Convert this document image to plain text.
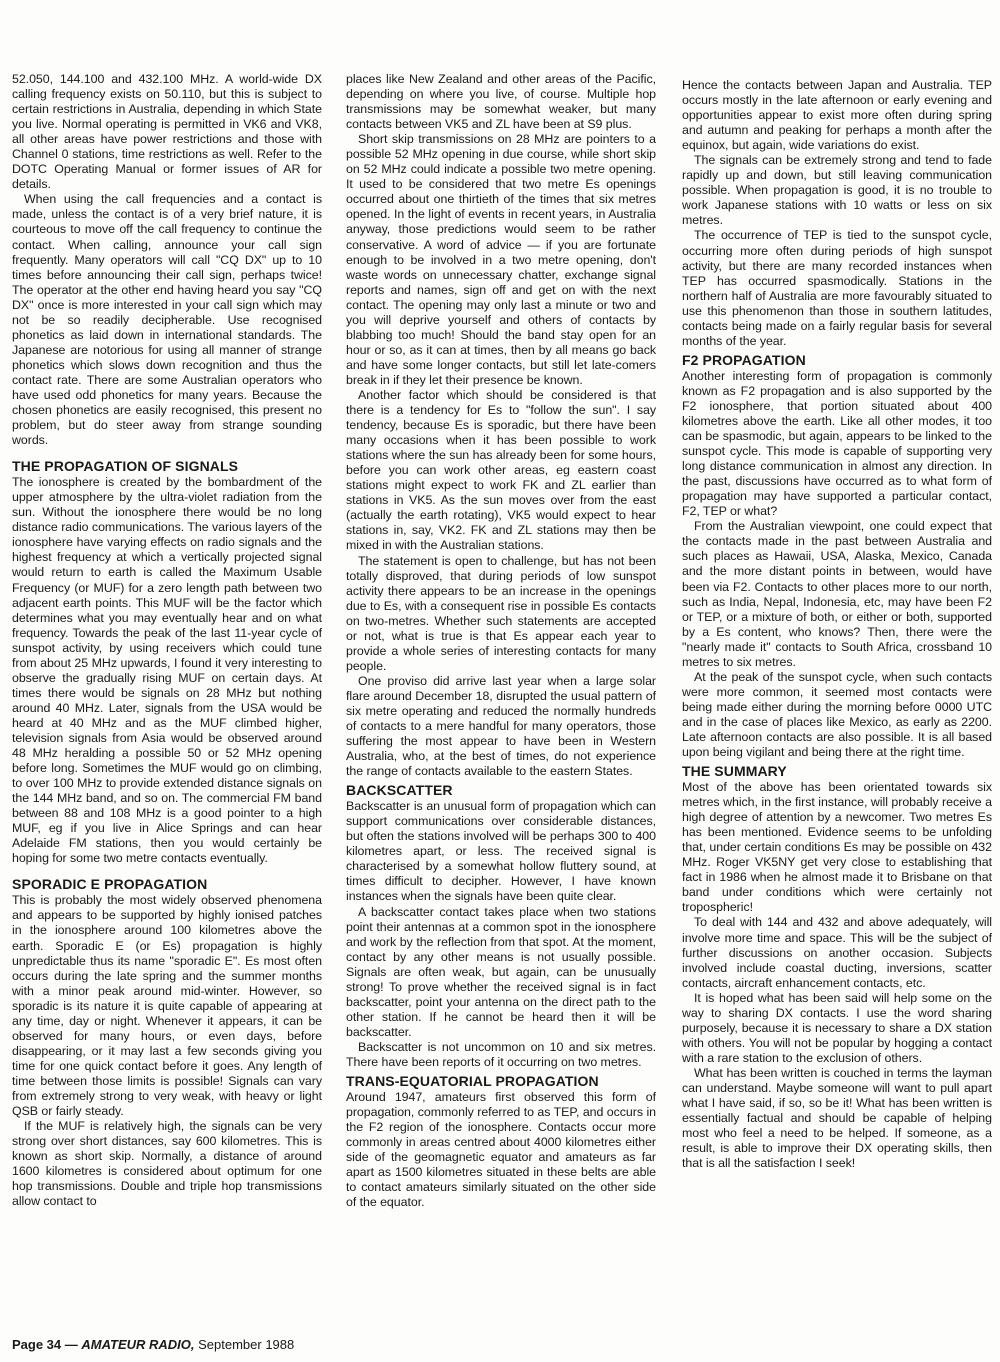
52.050, 144.100 and 432.100 MHz. A world-wide DX calling frequency exists on 50.110, but this is subject to certain restrictions in Australia, depending in which State you live. Normal operating is permitted in VK6 and VK8, all other areas have power restrictions and those with Channel 0 stations, time restrictions as well. Refer to the DOTC Operating Manual or former issues of AR for details.

When using the call frequencies and a contact is made, unless the contact is of a very brief nature, it is courteous to move off the call frequency to continue the contact. When calling, announce your call sign frequently. Many operators will call "CQ DX" up to 10 times before announcing their call sign, perhaps twice! The operator at the other end having heard you say "CQ DX" once is more interested in your call sign which may not be so readily decipherable. Use recognised phonetics as laid down in international standards. The Japanese are notorious for using all manner of strange phonetics which slows down recognition and thus the contact rate. There are some Australian operators who have used odd phonetics for many years. Because the chosen phonetics are easily recognised, this present no problem, but do steer away from strange sounding words.

THE PROPAGATION OF SIGNALS

The ionosphere is created by the bombardment of the upper atmosphere by the ultra-violet radiation from the sun. Without the ionosphere there would be no long distance radio communications. The various layers of the ionosphere have varying effects on radio signals and the highest frequency at which a vertically projected signal would return to earth is called the Maximum Usable Frequency (or MUF) for a zero length path between two adjacent earth points. This MUF will be the factor which determines what you may eventually hear and on what frequency. Towards the peak of the last 11-year cycle of sunspot activity, by using receivers which could tune from about 25 MHz upwards, I found it very interesting to observe the gradually rising MUF on certain days. At times there would be signals on 28 MHz but nothing around 40 MHz. Later, signals from the USA would be heard at 40 MHz and as the MUF climbed higher, television signals from Asia would be observed around 48 MHz heralding a possible 50 or 52 MHz opening before long. Sometimes the MUF would go on climbing, to over 100 MHz to provide extended distance signals on the 144 MHz band, and so on. The commercial FM band between 88 and 108 MHz is a good pointer to a high MUF, eg if you live in Alice Springs and can hear Adelaide FM stations, then you would certainly be hoping for some two metre contacts eventually.

SPORADIC E PROPAGATION

This is probably the most widely observed phenomena and appears to be supported by highly ionised patches in the ionosphere around 100 kilometres above the earth. Sporadic E (or Es) propagation is highly unpredictable thus its name "sporadic E". Es most often occurs during the late spring and the summer months with a minor peak around mid-winter. However, so sporadic is its nature it is quite capable of appearing at any time, day or night. Whenever it appears, it can be observed for many hours, or even days, before disappearing, or it may last a few seconds giving you time for one quick contact before it goes. Any length of time between those limits is possible! Signals can vary from extremely strong to very weak, with heavy or light QSB or fairly steady.

If the MUF is relatively high, the signals can be very strong over short distances, say 600 kilometres. This is known as short skip. Normally, a distance of around 1600 kilometres is considered about optimum for one hop transmissions. Double and triple hop transmissions allow contact to

places like New Zealand and other areas of the Pacific, depending on where you live, of course. Multiple hop transmissions may be somewhat weaker, but many contacts between VK5 and ZL have been at S9 plus.

Short skip transmissions on 28 MHz are pointers to a possible 52 MHz opening in due course, while short skip on 52 MHz could indicate a possible two metre opening. It used to be considered that two metre Es openings occurred about one thirtieth of the times that six metres opened. In the light of events in recent years, in Australia anyway, those predictions would seem to be rather conservative. A word of advice — if you are fortunate enough to be involved in a two metre opening, don't waste words on unnecessary chatter, exchange signal reports and names, sign off and get on with the next contact. The opening may only last a minute or two and you will deprive yourself and others of contacts by blabbing too much! Should the band stay open for an hour or so, as it can at times, then by all means go back and have some longer contacts, but still let late-comers break in if they let their presence be known.

Another factor which should be considered is that there is a tendency for Es to "follow the sun". I say tendency, because Es is sporadic, but there have been many occasions when it has been possible to work stations where the sun has already been for some hours, before you can work other areas, eg eastern coast stations might expect to work FK and ZL earlier than stations in VK5. As the sun moves over from the east (actually the earth rotating), VK5 would expect to hear stations in, say, VK2. FK and ZL stations may then be mixed in with the Australian stations.

The statement is open to challenge, but has not been totally disproved, that during periods of low sunspot activity there appears to be an increase in the openings due to Es, with a consequent rise in possible Es contacts on two-metres. Whether such statements are accepted or not, what is true is that Es appear each year to provide a whole series of interesting contacts for many people.

One proviso did arrive last year when a large solar flare around December 18, disrupted the usual pattern of six metre operating and reduced the normally hundreds of contacts to a mere handful for many operators, those suffering the most appear to have been in Western Australia, who, at the best of times, do not experience the range of contacts available to the eastern States.

BACKSCATTER

Backscatter is an unusual form of propagation which can support communications over considerable distances, but often the stations involved will be perhaps 300 to 400 kilometres apart, or less. The received signal is characterised by a somewhat hollow fluttery sound, at times difficult to decipher. However, I have known instances when the signals have been quite clear.

A backscatter contact takes place when two stations point their antennas at a common spot in the ionosphere and work by the reflection from that spot. At the moment, contact by any other means is not usually possible. Signals are often weak, but again, can be unusually strong! To prove whether the received signal is in fact backscatter, point your antenna on the direct path to the other station. If he cannot be heard then it will be backscatter.

Backscatter is not uncommon on 10 and six metres. There have been reports of it occurring on two metres.

TRANS-EQUATORIAL PROPAGATION

Around 1947, amateurs first observed this form of propagation, commonly referred to as TEP, and occurs in the F2 region of the ionosphere. Contacts occur more commonly in areas centred about 4000 kilometres either side of the geomagnetic equator and amateurs as far apart as 1500 kilometres situated in these belts are able to contact amateurs similarly situated on the other side of the equator.

Hence the contacts between Japan and Australia. TEP occurs mostly in the late afternoon or early evening and opportunities appear to exist more often during spring and autumn and peaking for perhaps a month after the equinox, but again, wide variations do exist.

The signals can be extremely strong and tend to fade rapidly up and down, but still leaving communication possible. When propagation is good, it is no trouble to work Japanese stations with 10 watts or less on six metres.

The occurrence of TEP is tied to the sunspot cycle, occurring more often during periods of high sunspot activity, but there are many recorded instances when TEP has occurred spasmodically. Stations in the northern half of Australia are more favourably situated to use this phenomenon than those in southern latitudes, contacts being made on a fairly regular basis for several months of the year.

F2 PROPAGATION

Another interesting form of propagation is commonly known as F2 propagation and is also supported by the F2 ionosphere, that portion situated about 400 kilometres above the earth. Like all other modes, it too can be spasmodic, but again, appears to be linked to the sunspot cycle. This mode is capable of supporting very long distance communication in almost any direction. In the past, discussions have occurred as to what form of propagation may have supported a particular contact, F2, TEP or what?

From the Australian viewpoint, one could expect that the contacts made in the past between Australia and such places as Hawaii, USA, Alaska, Mexico, Canada and the more distant points in between, would have been via F2. Contacts to other places more to our north, such as India, Nepal, Indonesia, etc, may have been F2 or TEP, or a mixture of both, or either or both, supported by a Es content, who knows? Then, there were the "nearly made it" contacts to South Africa, crossband 10 metres to six metres.

At the peak of the sunspot cycle, when such contacts were more common, it seemed most contacts were being made either during the morning before 0000 UTC and in the case of places like Mexico, as early as 2200. Late afternoon contacts are also possible. It is all based upon being vigilant and being there at the right time.

THE SUMMARY

Most of the above has been orientated towards six metres which, in the first instance, will probably receive a high degree of attention by a newcomer. Two metres Es has been mentioned. Evidence seems to be unfolding that, under certain conditions Es may be possible on 432 MHz. Roger VK5NY get very close to establishing that fact in 1986 when he almost made it to Brisbane on that band under conditions which were certainly not tropospheric!

To deal with 144 and 432 and above adequately, will involve more time and space. This will be the subject of further discussions on another occasion. Subjects involved include coastal ducting, inversions, scatter contacts, aircraft enhancement contacts, etc.

It is hoped what has been said will help some on the way to sharing DX contacts. I use the word sharing purposely, because it is necessary to share a DX station with others. You will not be popular by hogging a contact with a rare station to the exclusion of others.

What has been written is couched in terms the layman can understand. Maybe someone will want to pull apart what I have said, if so, so be it! What has been written is essentially factual and should be capable of helping most who feel a need to be helped. If someone, as a result, is able to improve their DX operating skills, then that is all the satisfaction I seek!

Page 34 — AMATEUR RADIO, September 1988
